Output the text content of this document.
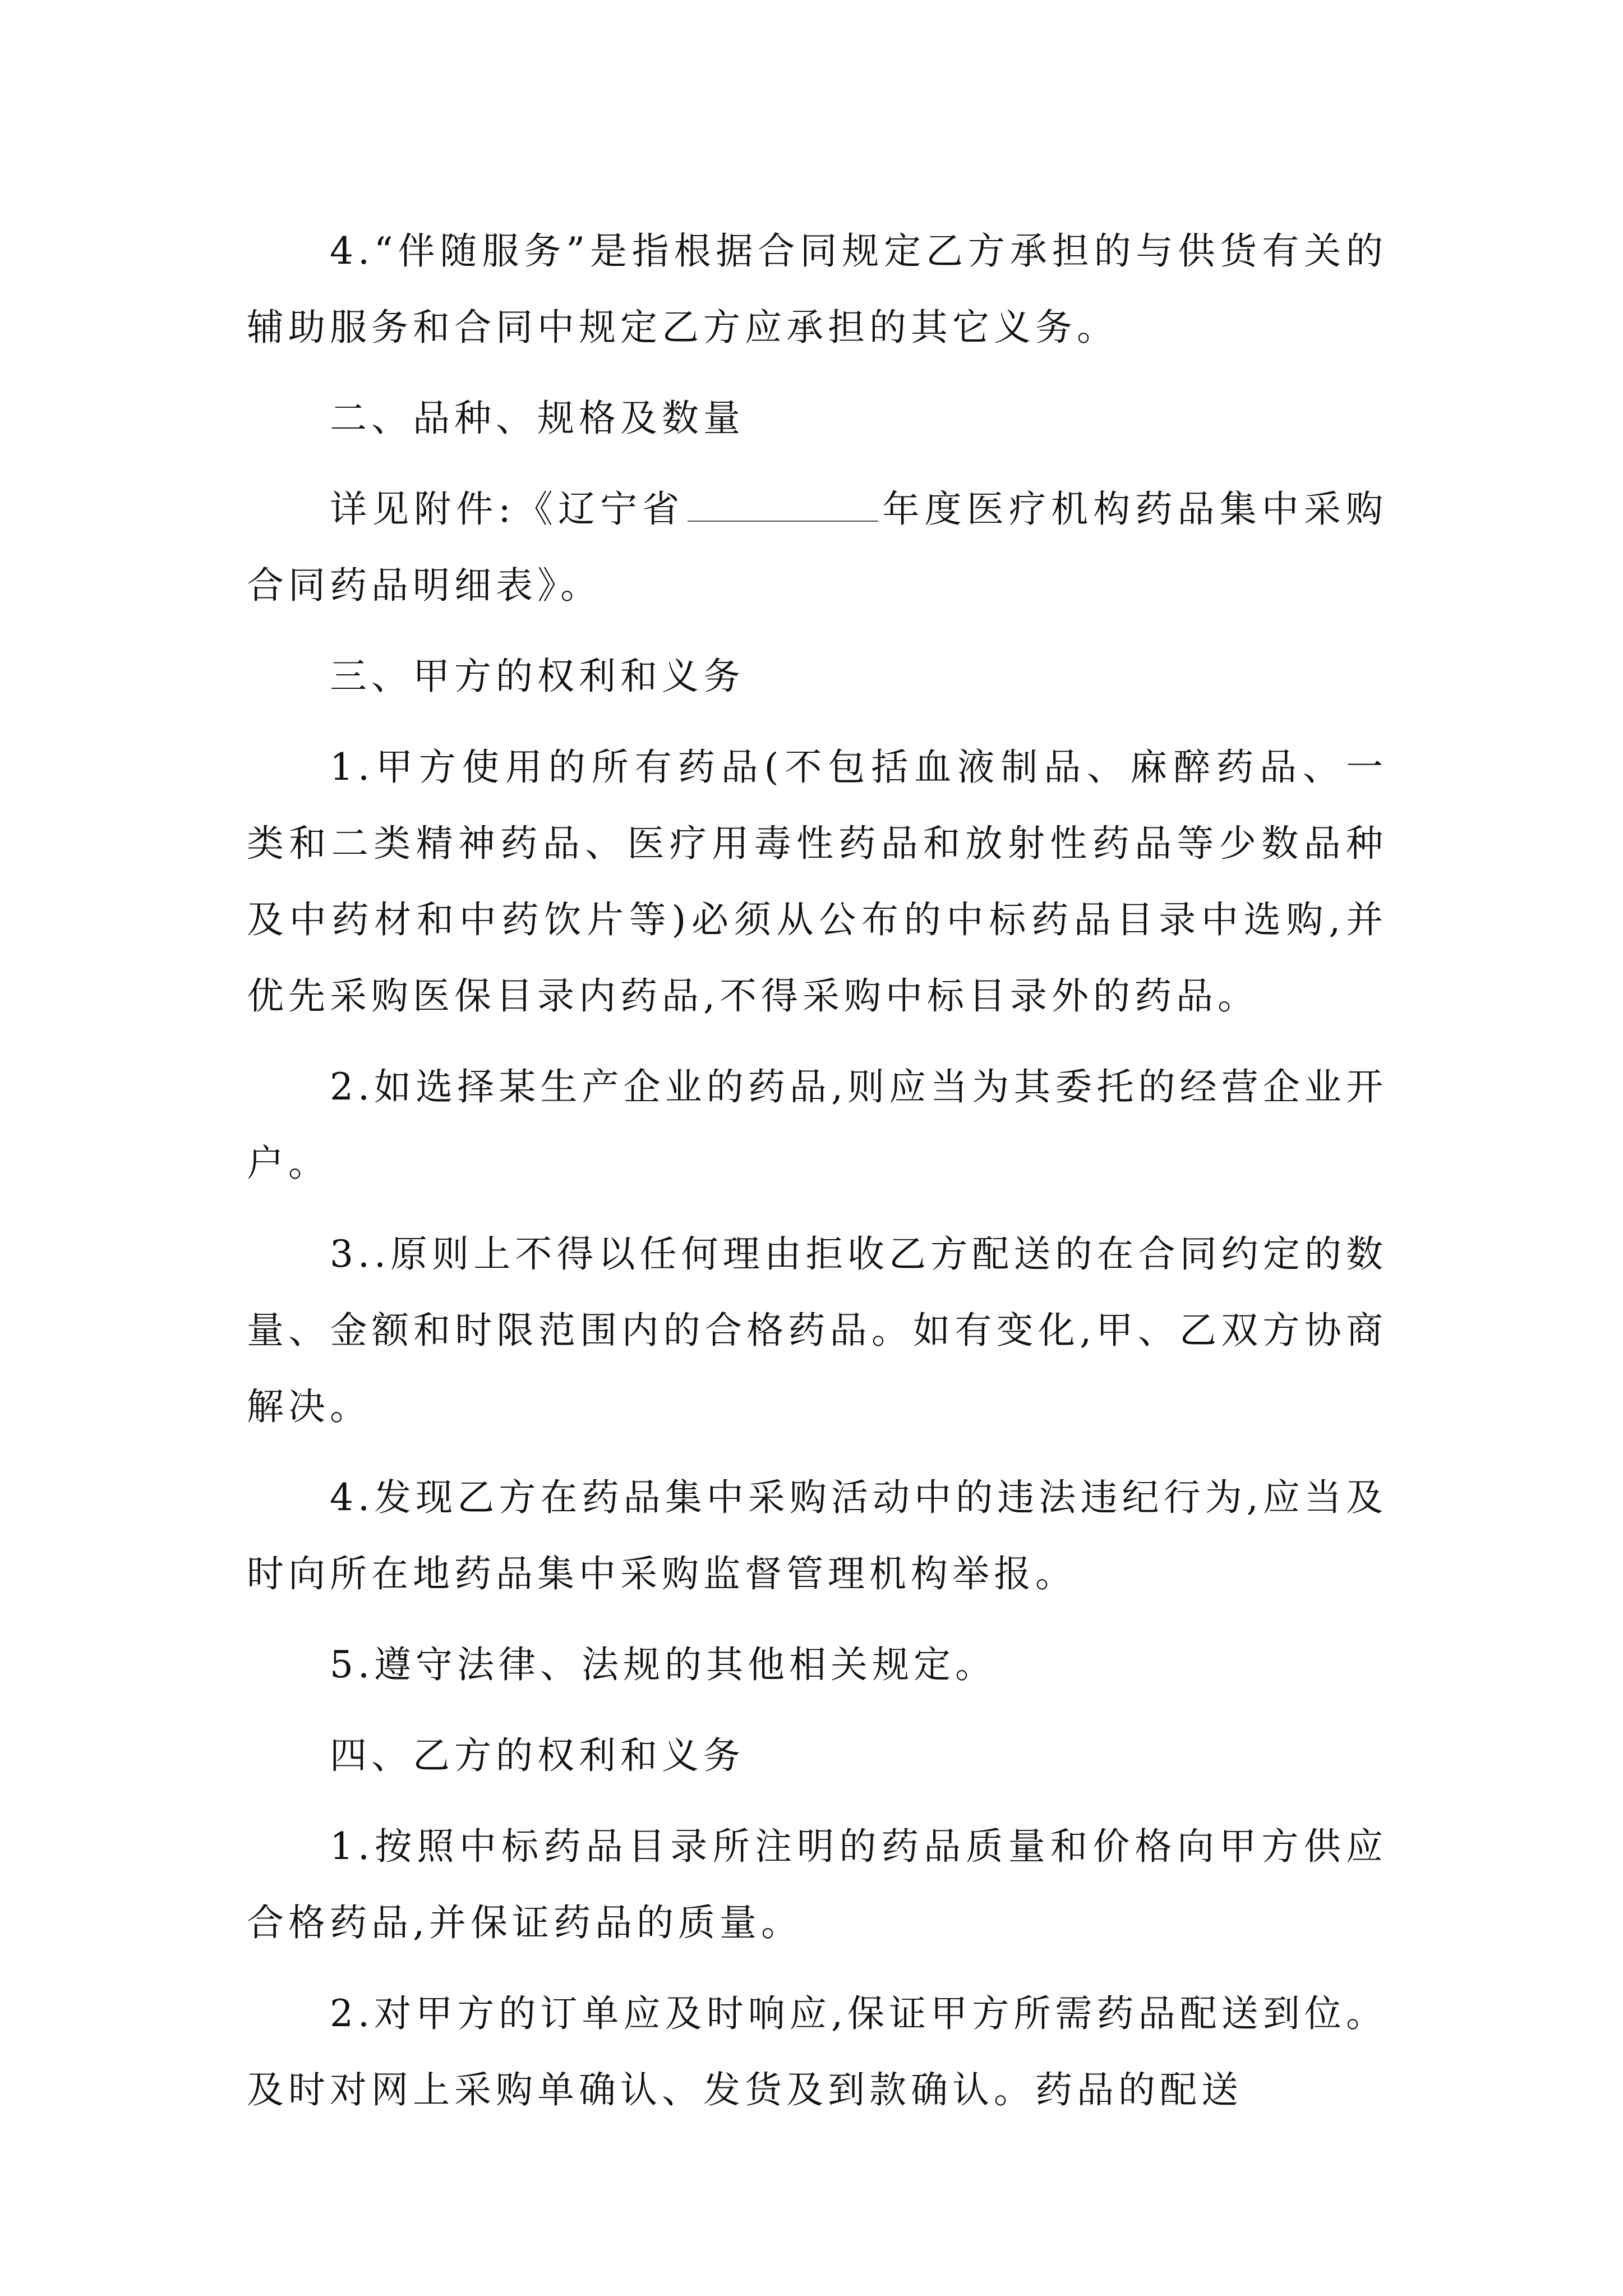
4.“伴随服务”是指根据合同规定乙方承担的与供货有关的辅助服务和合同中规定乙方应承担的其它义务。

二、品种、规格及数量

详见附件:《辽宁省	年度医疗机构药品集中采购合同药品明细表》。

三、甲方的权利和义务

1.甲方使用的所有药品(不包括血液制品、麻醉药品、一类和二类精神药品、医疗用毒性药品和放射性药品等少数品种及中药材和中药饮片等)必须从公布的中标药品目录中选购,并优先采购医保目录内药品,不得采购中标目录外的药品。

2.如选择某生产企业的药品,则应当为其委托的经营企业开户。

3..原则上不得以任何理由拒收乙方配送的在合同约定的数量、金额和时限范围内的合格药品。如有变化,甲、乙双方协商解决。

4.发现乙方在药品集中采购活动中的违法违纪行为,应当及时向所在地药品集中采购监督管理机构举报。

5.遵守法律、法规的其他相关规定。

四、乙方的权利和义务

1.按照中标药品目录所注明的药品质量和价格向甲方供应合格药品,并保证药品的质量。

2.对甲方的订单应及时响应,保证甲方所需药品配送到位。及时对网上采购单确认、发货及到款确认。药品的配送
